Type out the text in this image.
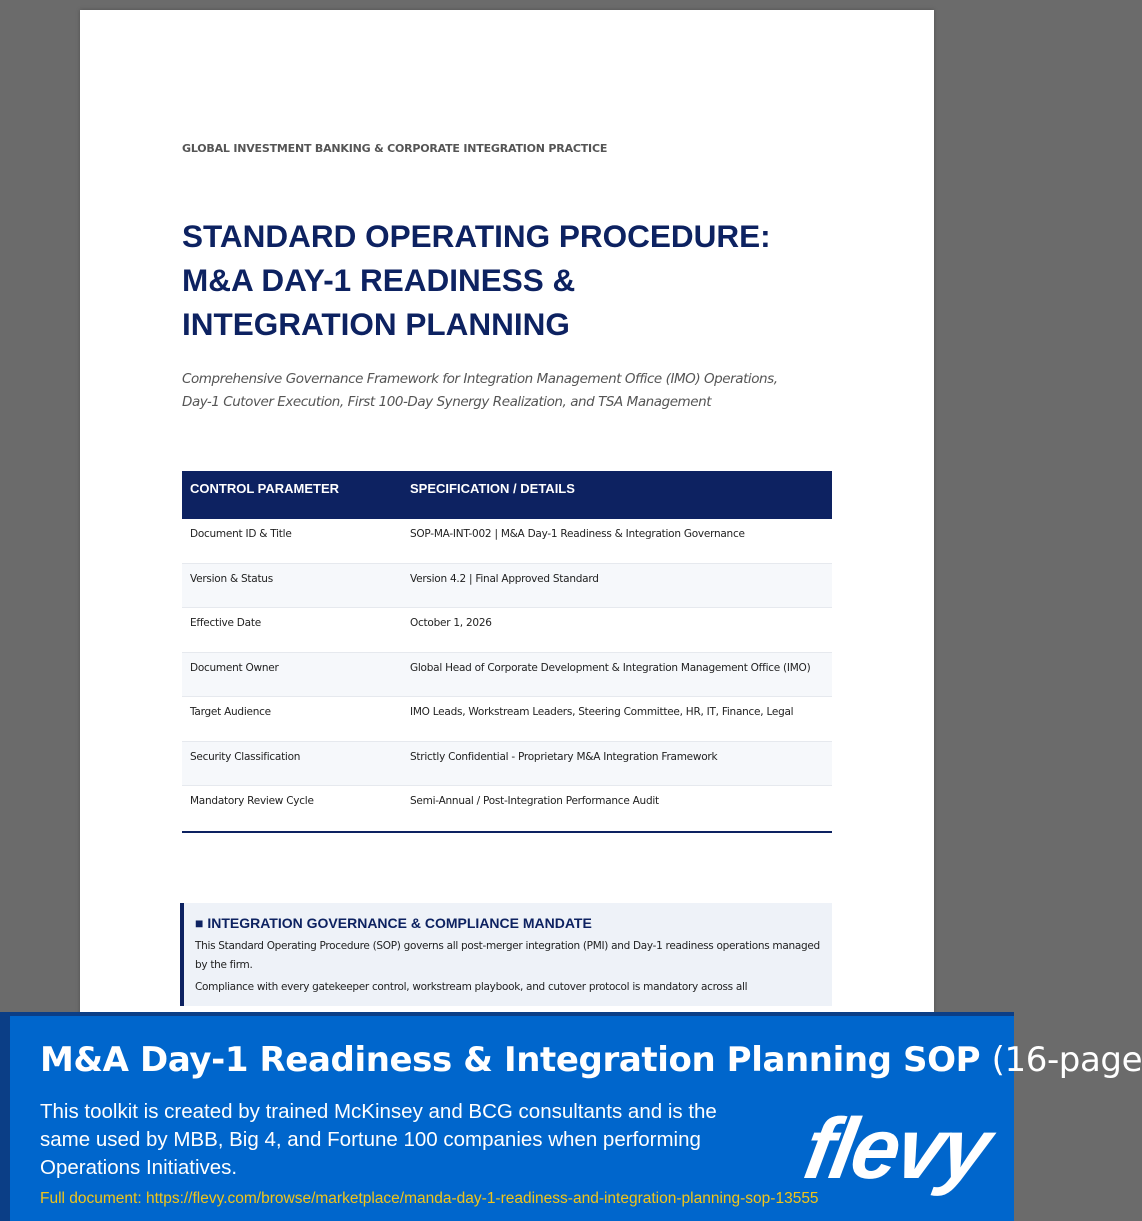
GLOBAL INVESTMENT BANKING & CORPORATE INTEGRATION PRACTICE
STANDARD OPERATING PROCEDURE:
M&A DAY-1 READINESS &
INTEGRATION PLANNING
Comprehensive Governance Framework for Integration Management Office (IMO) Operations,
Day-1 Cutover Execution, First 100-Day Synergy Realization, and TSA Management
CONTROL PARAMETER	SPECIFICATION / DETAILS
Document ID & Title	SOP-MA-INT-002 | M&A Day-1 Readiness & Integration Governance
Version & Status	Version 4.2 | Final Approved Standard
Effective Date	October 1, 2026
Document Owner	Global Head of Corporate Development & Integration Management Office (IMO)
Target Audience	IMO Leads, Workstream Leaders, Steering Committee, HR, IT, Finance, Legal
Security Classification	Strictly Confidential - Proprietary M&A Integration Framework
Mandatory Review Cycle	Semi-Annual / Post-Integration Performance Audit
■ INTEGRATION GOVERNANCE & COMPLIANCE MANDATE

This Standard Operating Procedure (SOP) governs all post-merger integration (PMI) and Day-1 readiness operations managed by the firm.

Compliance with every gatekeeper control, workstream playbook, and cutover protocol is mandatory across all

M&A Day-1 Readiness & Integration Planning SOP (16-page
This toolkit is created by trained McKinsey and BCG consultants and is the
same used by MBB, Big 4, and Fortune 100 companies when performing
Operations Initiatives.
Full document: https://flevy.com/browse/marketplace/manda-day-1-readiness-and-integration-planning-sop-13555
flevy
